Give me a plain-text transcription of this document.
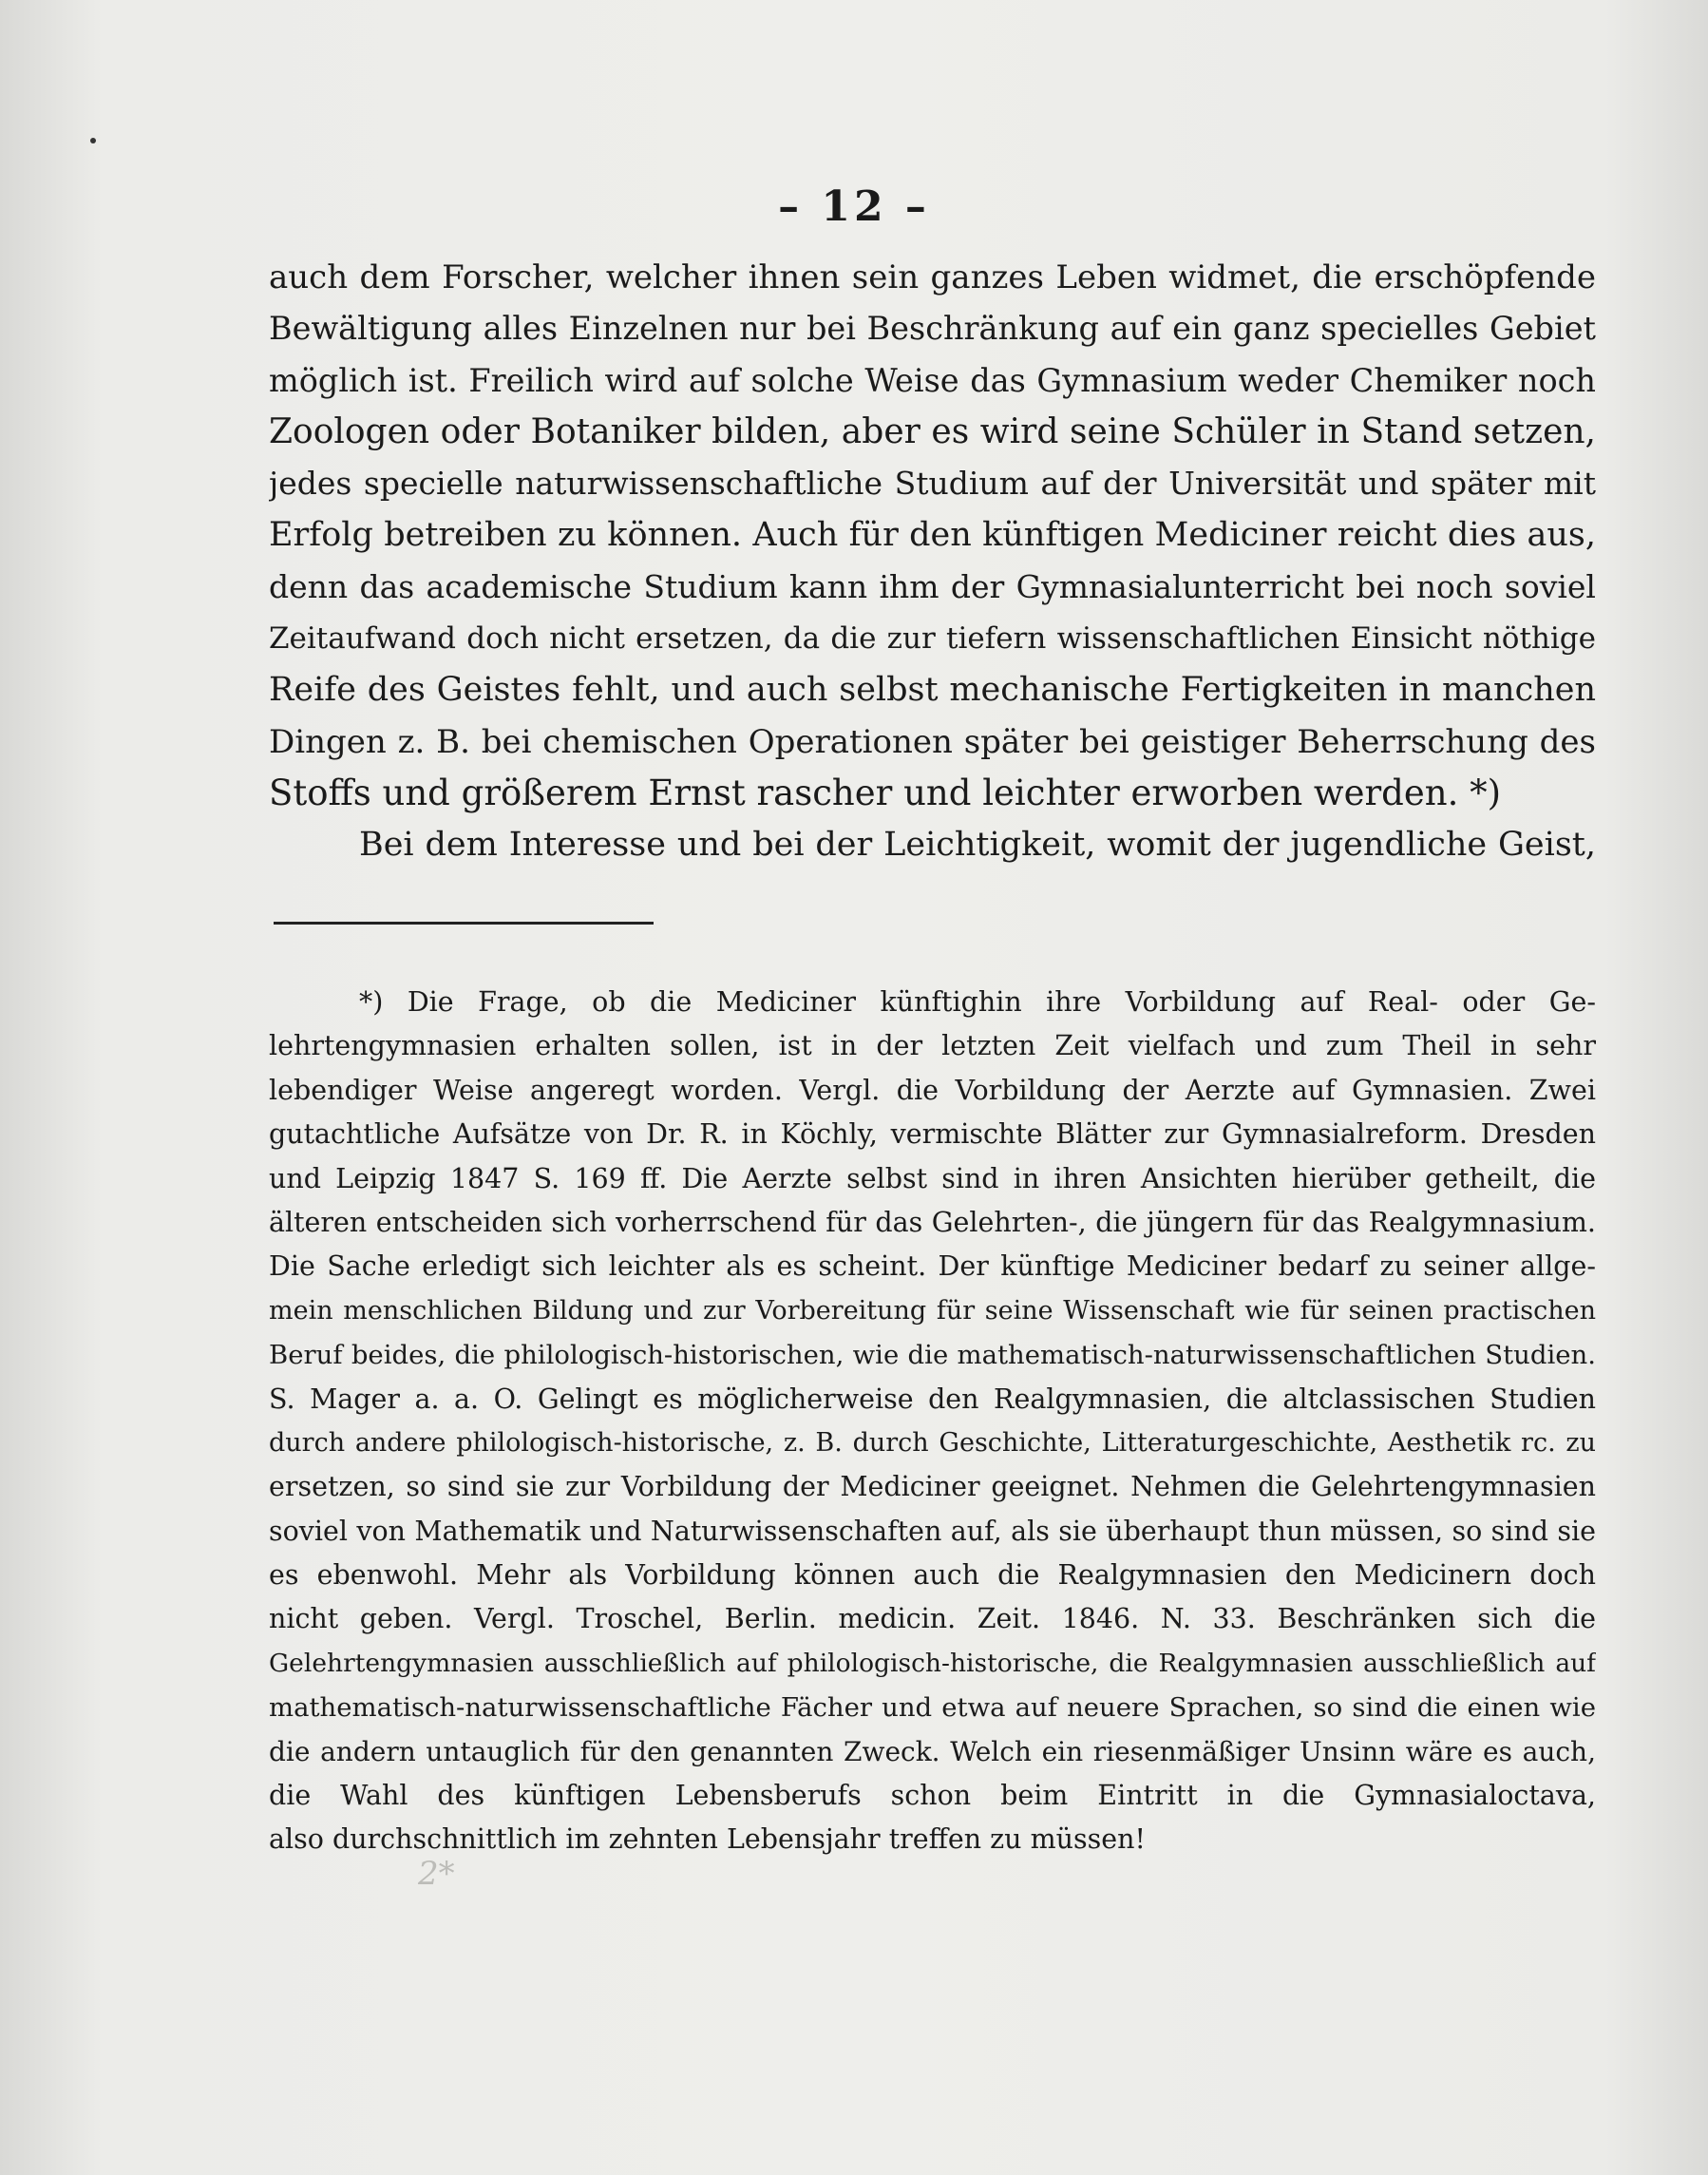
– 12 –
auch dem Forscher, welcher ihnen sein ganzes Leben widmet, die erschöpfende
Bewältigung alles Einzelnen nur bei Beschränkung auf ein ganz specielles Gebiet
möglich ist. Freilich wird auf solche Weise das Gymnasium weder Chemiker noch
Zoologen oder Botaniker bilden, aber es wird seine Schüler in Stand setzen,
jedes specielle naturwissenschaftliche Studium auf der Universität und später mit
Erfolg betreiben zu können. Auch für den künftigen Mediciner reicht dies aus,
denn das academische Studium kann ihm der Gymnasialunterricht bei noch soviel
Zeitaufwand doch nicht ersetzen, da die zur tiefern wissenschaftlichen Einsicht nöthige
Reife des Geistes fehlt, und auch selbst mechanische Fertigkeiten in manchen
Dingen z. B. bei chemischen Operationen später bei geistiger Beherrschung des
Stoffs und größerem Ernst rascher und leichter erworben werden. *)
Bei dem Interesse und bei der Leichtigkeit, womit der jugendliche Geist,
*) Die Frage, ob die Mediciner künftighin ihre Vorbildung auf Real- oder Ge-
lehrtengymnasien erhalten sollen, ist in der letzten Zeit vielfach und zum Theil in sehr
lebendiger Weise angeregt worden. Vergl. die Vorbildung der Aerzte auf Gymnasien. Zwei
gutachtliche Aufsätze von Dr. R. in Köchly, vermischte Blätter zur Gymnasialreform. Dresden
und Leipzig 1847 S. 169 ff. Die Aerzte selbst sind in ihren Ansichten hierüber getheilt, die
älteren entscheiden sich vorherrschend für das Gelehrten-, die jüngern für das Realgymnasium.
Die Sache erledigt sich leichter als es scheint. Der künftige Mediciner bedarf zu seiner allge-
mein menschlichen Bildung und zur Vorbereitung für seine Wissenschaft wie für seinen practischen
Beruf beides, die philologisch-historischen, wie die mathematisch-naturwissenschaftlichen Studien.
S. Mager a. a. O. Gelingt es möglicherweise den Realgymnasien, die altclassischen Studien
durch andere philologisch-historische, z. B. durch Geschichte, Litteraturgeschichte, Aesthetik rc. zu
ersetzen, so sind sie zur Vorbildung der Mediciner geeignet. Nehmen die Gelehrtengymnasien
soviel von Mathematik und Naturwissenschaften auf, als sie überhaupt thun müssen, so sind sie
es ebenwohl. Mehr als Vorbildung können auch die Realgymnasien den Medicinern doch
nicht geben. Vergl. Troschel, Berlin. medicin. Zeit. 1846. N. 33. Beschränken sich die
Gelehrtengymnasien ausschließlich auf philologisch-historische, die Realgymnasien ausschließlich auf
mathematisch-naturwissenschaftliche Fächer und etwa auf neuere Sprachen, so sind die einen wie
die andern untauglich für den genannten Zweck. Welch ein riesenmäßiger Unsinn wäre es auch,
die Wahl des künftigen Lebensberufs schon beim Eintritt in die Gymnasialoctava,
also durchschnittlich im zehnten Lebensjahr treffen zu müssen!
2*
